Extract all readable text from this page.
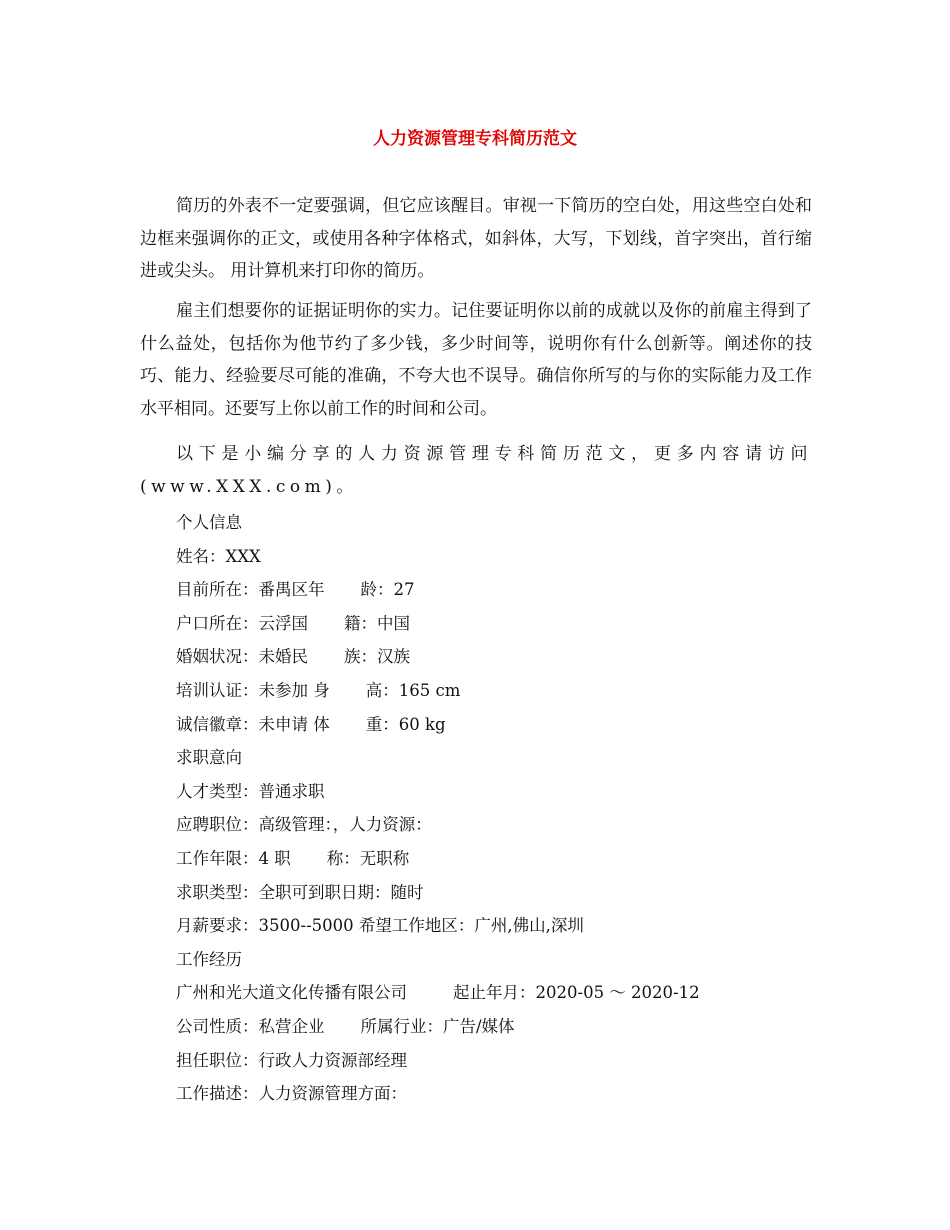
人力资源管理专科简历范文

简历的外表不一定要强调，但它应该醒目。审视一下简历的空白处，用这些空白处和边框来强调你的正文，或使用各种字体格式，如斜体，大写，下划线，首字突出，首行缩进或尖头。 用计算机来打印你的简历。

雇主们想要你的证据证明你的实力。记住要证明你以前的成就以及你的前雇主得到了什么益处，包括你为他节约了多少钱，多少时间等，说明你有什么创新等。阐述你的技巧、能力、经验要尽可能的准确，不夸大也不误导。确信你所写的与你的实际能力及工作水平相同。还要写上你以前工作的时间和公司。

以下是小编分享的人力资源管理专科简历范文，更多内容请访问(www.XXX.com)。

个人信息
姓名：XXX
目前所在：番禺区年 龄：27
户口所在：云浮国 籍：中国
婚姻状况：未婚民 族：汉族
培训认证：未参加 身 高：165 cm
诚信徽章：未申请 体 重：60 kg
求职意向
人才类型：普通求职
应聘职位：高级管理：，人力资源：
工作年限：4 职 称：无职称
求职类型：全职可到职日期：随时
月薪要求：3500--5000 希望工作地区：广州,佛山,深圳
工作经历
广州和光大道文化传播有限公司	起止年月：2020-05 ～ 2020-12
公司性质：私营企业 所属行业：广告/媒体
担任职位：行政人力资源部经理
工作描述：人力资源管理方面：
